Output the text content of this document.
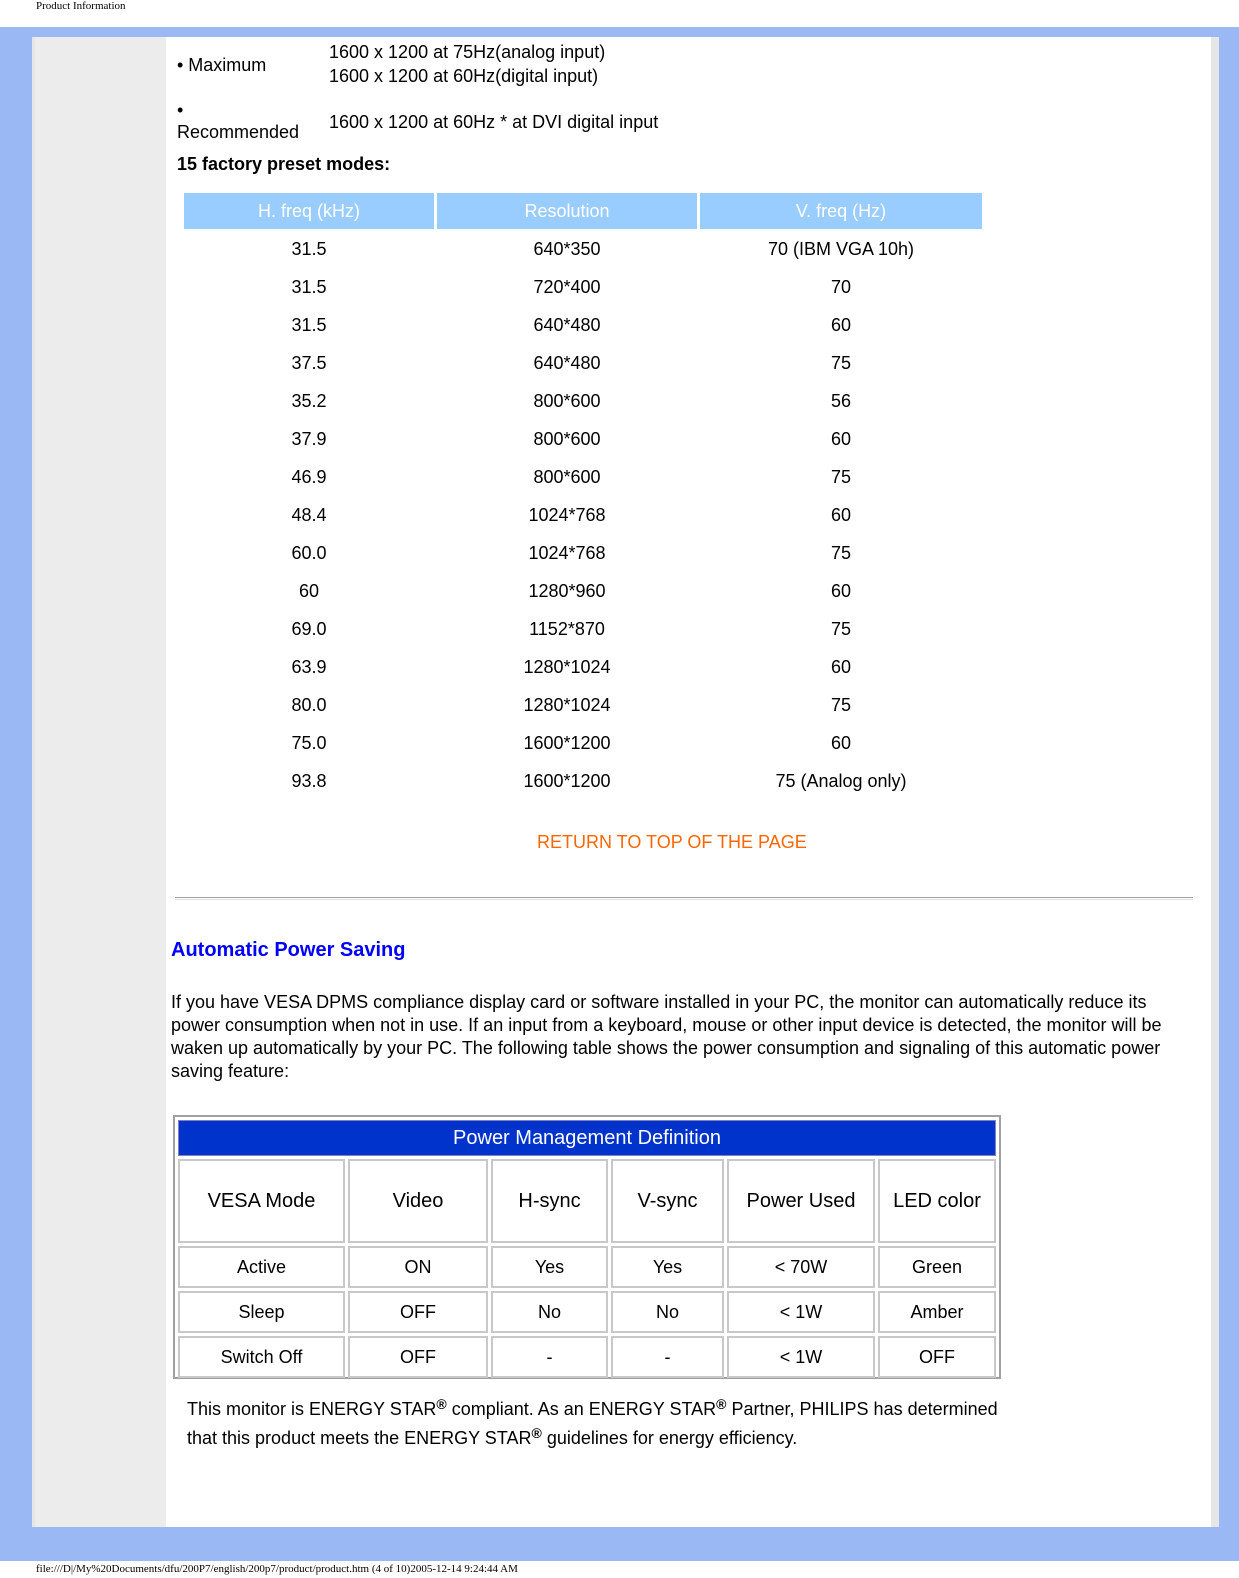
Product Information
• Maximum
1600 x 1200 at 75Hz(analog input)
1600 x 1200 at 60Hz(digital input)
•
Recommended 1600 x 1200 at 60Hz * at DVI digital input
15 factory preset modes:
H. freq (kHz)	Resolution	V. freq (Hz)
31.5	640*350	70 (IBM VGA 10h)
31.5	720*400	70
31.5	640*480	60
37.5	640*480	75
35.2	800*600	56
37.9	800*600	60
46.9	800*600	75
48.4	1024*768	60
60.0	1024*768	75
60	1280*960	60
69.0	1152*870	75
63.9	1280*1024	60
80.0	1280*1024	75
75.0	1600*1200	60
93.8	1600*1200	75 (Analog only)
RETURN TO TOP OF THE PAGE
Automatic Power Saving
If you have VESA DPMS compliance display card or software installed in your PC, the monitor can automatically reduce its power consumption when not in use. If an input from a keyboard, mouse or other input device is detected, the monitor will be waken up automatically by your PC. The following table shows the power consumption and signaling of this automatic power saving feature:
Power Management Definition					
VESA Mode	Video	H-sync	V-sync	Power Used	LED color
Active	ON	Yes	Yes	< 70W	Green
Sleep	OFF	No	No	< 1W	Amber
Switch Off	OFF	-	-	< 1W	OFF
This monitor is ENERGY STAR® compliant. As an ENERGY STAR® Partner, PHILIPS has determined that this product meets the ENERGY STAR® guidelines for energy efficiency.
file:///D|/My%20Documents/dfu/200P7/english/200p7/product/product.htm (4 of 10)2005-12-14 9:24:44 AM
